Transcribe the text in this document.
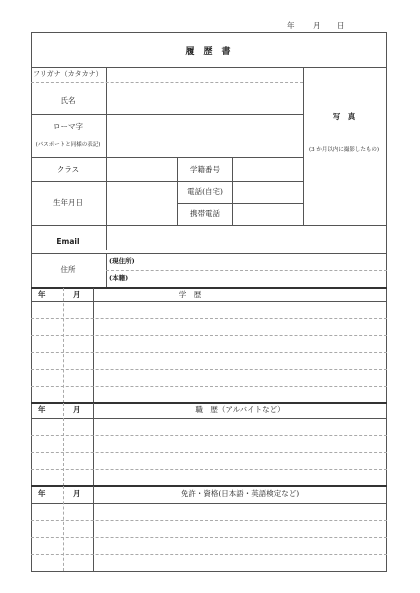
年 月 日
履　歴　書
フリガナ（カタカナ）
氏名
ローマ字
(パスポートと同様の表記)
写　真
(3 か月以内に撮影したもの)
クラス	学籍番号
生年月日
電話(自宅)
携帯電話
Email
住所
(現住所)
(本籍)
年	月	学　歴
年	月	職　歴（アルバイトなど）
年	月	免許・資格(日本語・英語検定など)
